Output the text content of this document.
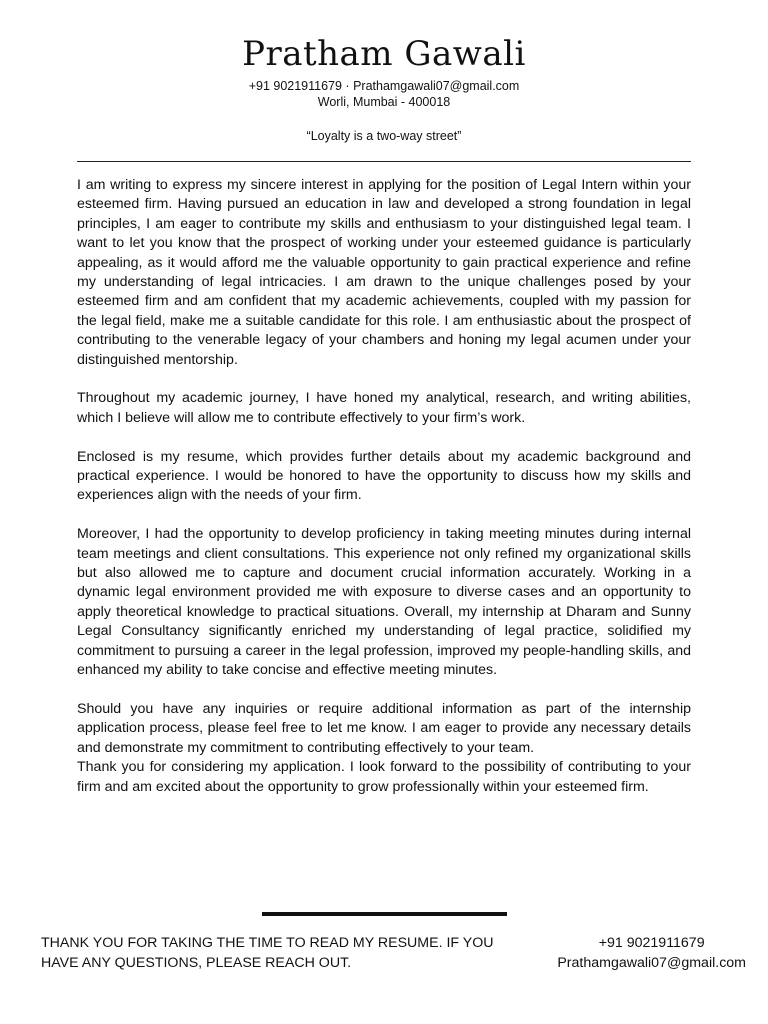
Pratham Gawali
+91 9021911679 · Prathamgawali07@gmail.com
Worli, Mumbai - 400018
“Loyalty is a two-way street”

I am writing to express my sincere interest in applying for the position of Legal Intern within your esteemed firm. Having pursued an education in law and developed a strong foundation in legal principles, I am eager to contribute my skills and enthusiasm to your distinguished legal team. I want to let you know that the prospect of working under your esteemed guidance is particularly appealing, as it would afford me the valuable opportunity to gain practical experience and refine my understanding of legal intricacies. I am drawn to the unique challenges posed by your esteemed firm and am confident that my academic achievements, coupled with my passion for the legal field, make me a suitable candidate for this role. I am enthusiastic about the prospect of contributing to the venerable legacy of your chambers and honing my legal acumen under your distinguished mentorship.

Throughout my academic journey, I have honed my analytical, research, and writing abilities, which I believe will allow me to contribute effectively to your firm’s work.

Enclosed is my resume, which provides further details about my academic background and practical experience. I would be honored to have the opportunity to discuss how my skills and experiences align with the needs of your firm.

Moreover, I had the opportunity to develop proficiency in taking meeting minutes during internal team meetings and client consultations. This experience not only refined my organizational skills but also allowed me to capture and document crucial information accurately. Working in a dynamic legal environment provided me with exposure to diverse cases and an opportunity to apply theoretical knowledge to practical situations. Overall, my internship at Dharam and Sunny Legal Consultancy significantly enriched my understanding of legal practice, solidified my commitment to pursuing a career in the legal profession, improved my people-handling skills, and enhanced my ability to take concise and effective meeting minutes.

Should you have any inquiries or require additional information as part of the internship application process, please feel free to let me know. I am eager to provide any necessary details and demonstrate my commitment to contributing effectively to your team.

Thank you for considering my application. I look forward to the possibility of contributing to your firm and am excited about the opportunity to grow professionally within your esteemed firm.

THANK YOU FOR TAKING THE TIME TO READ MY RESUME. IF YOU HAVE ANY QUESTIONS, PLEASE REACH OUT.
+91 9021911679
Prathamgawali07@gmail.com
